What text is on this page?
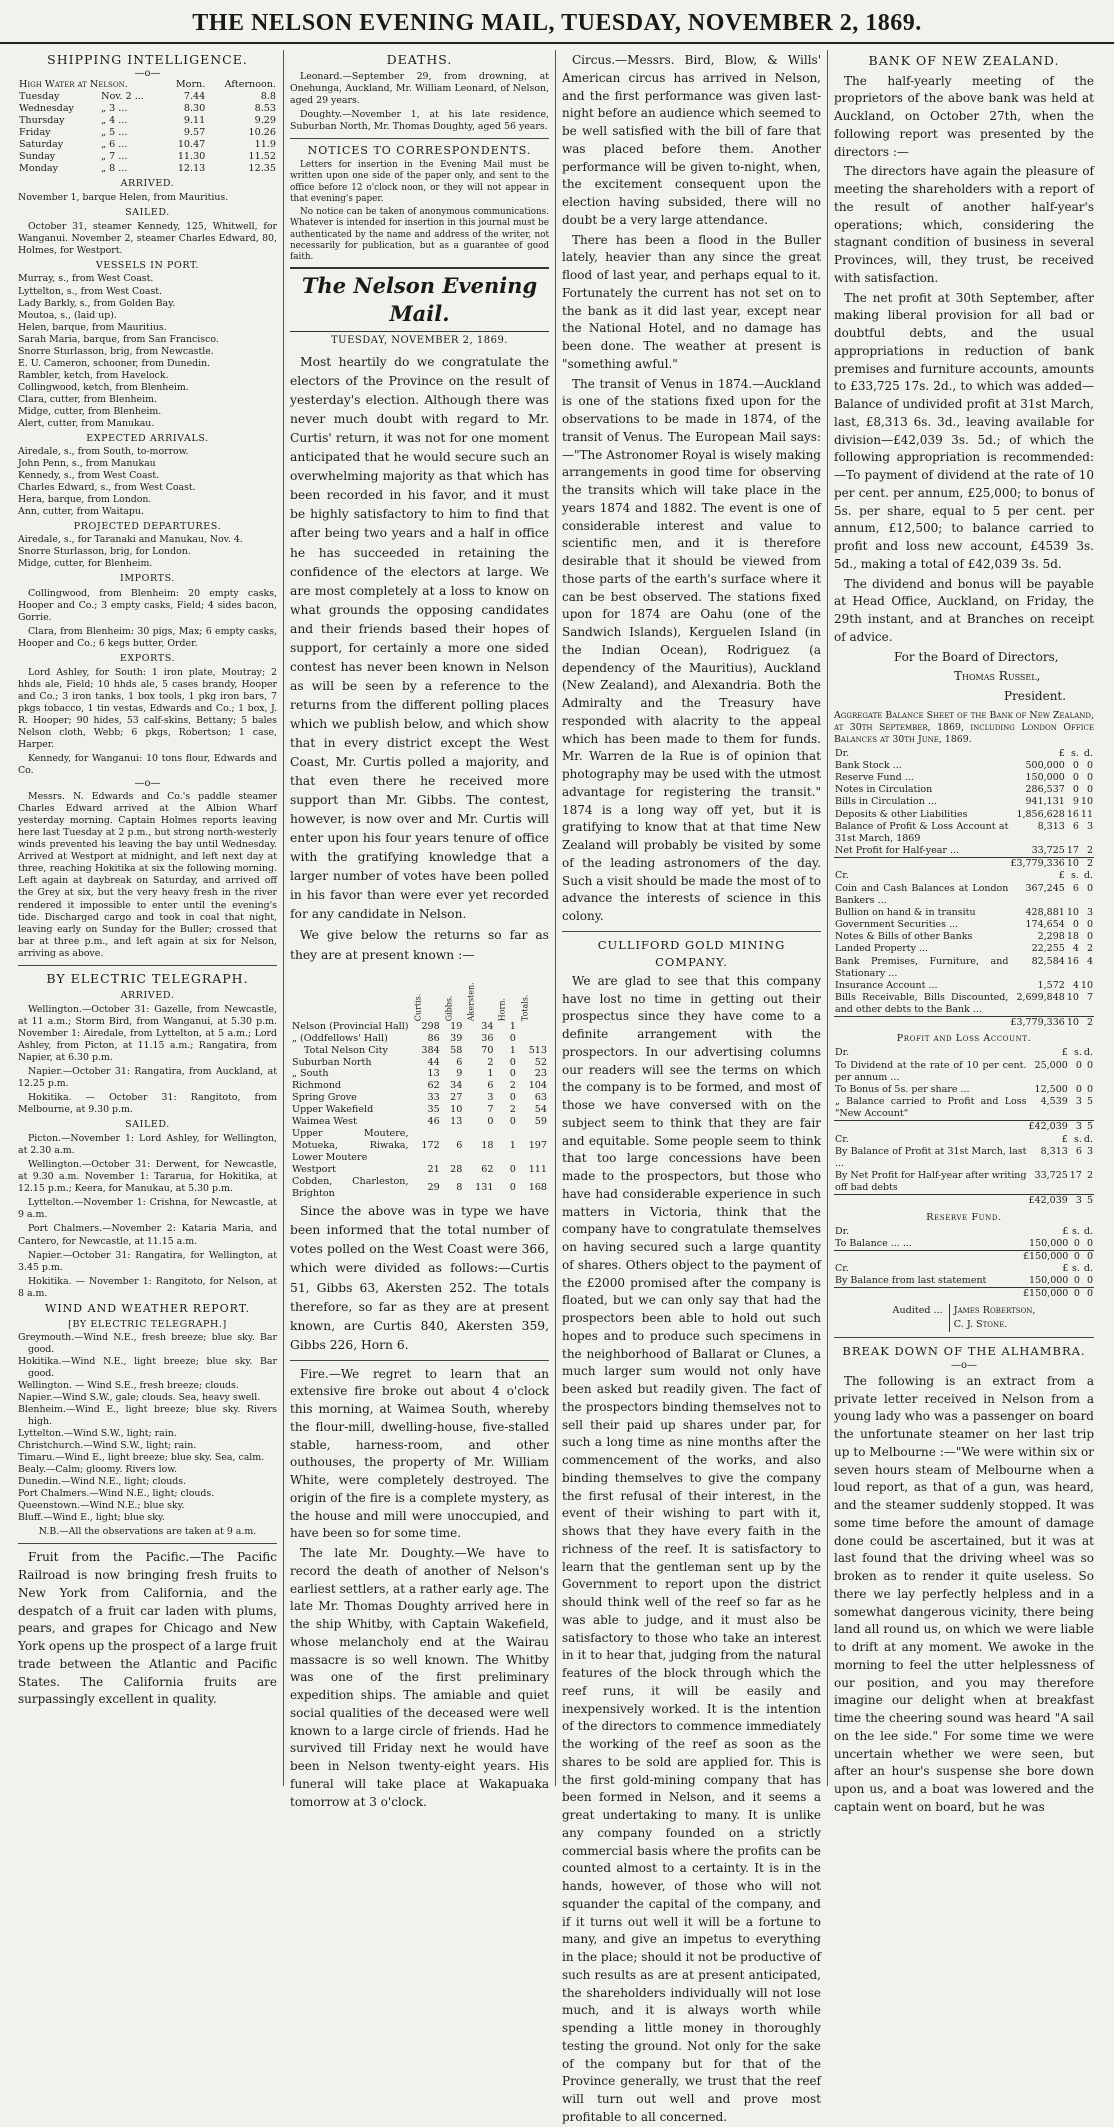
THE NELSON EVENING MAIL, TUESDAY, NOVEMBER 2, 1869.
SHIPPING INTELLIGENCE.
—o—
High Water at Nelson.		Morn.	Afternoon.
Tuesday	Nov. 2 ...	7.44	8.8
Wednesday	„ 3 ...	8.30	8.53
Thursday	„ 4 ...	9.11	9.29
Friday	„ 5 ...	9.57	10.26
Saturday	„ 6 ...	10.47	11.9
Sunday	„ 7 ...	11.30	11.52
Monday	„ 8 ...	12.13	12.35
ARRIVED.

November 1, barque Helen, from Mauritius.

SAILED.

October 31, steamer Kennedy, 125, Whitwell, for Wanganui. November 2, steamer Charles Edward, 80, Holmes, for Westport.

VESSELS IN PORT.

Murray, s., from West Coast.

Lyttelton, s., from West Coast.

Lady Barkly, s., from Golden Bay.

Moutoa, s., (laid up).

Helen, barque, from Mauritius.

Sarah Maria, barque, from San Francisco.

Snorre Sturlasson, brig, from Newcastle.

E. U. Cameron, schooner, from Dunedin.

Rambler, ketch, from Havelock.

Collingwood, ketch, from Blenheim.

Clara, cutter, from Blenheim.

Midge, cutter, from Blenheim.

Alert, cutter, from Manukau.

EXPECTED ARRIVALS.

Airedale, s., from South, to-morrow.

John Penn, s., from Manukau

Kennedy, s., from West Coast.

Charles Edward, s., from West Coast.

Hera, barque, from London.

Ann, cutter, from Waitapu.

PROJECTED DEPARTURES.

Airedale, s., for Taranaki and Manukau, Nov. 4.

Snorre Sturlasson, brig, for London.

Midge, cutter, for Blenheim.

IMPORTS.

Collingwood, from Blenheim: 20 empty casks, Hooper and Co.; 3 empty casks, Field; 4 sides bacon, Gorrie.

Clara, from Blenheim: 30 pigs, Max; 6 empty casks, Hooper and Co.; 6 kegs butter, Order.

EXPORTS.

Lord Ashley, for South: 1 iron plate, Moutray; 2 hhds ale, Field; 10 hhds ale, 5 cases brandy, Hooper and Co.; 3 iron tanks, 1 box tools, 1 pkg iron bars, 7 pkgs tobacco, 1 tin vestas, Edwards and Co.; 1 box, J. R. Hooper; 90 hides, 53 calf-skins, Bettany; 5 bales Nelson cloth, Webb; 6 pkgs, Robertson; 1 case, Harper.

Kennedy, for Wanganui: 10 tons flour, Edwards and Co.

—o—

Messrs. N. Edwards and Co.'s paddle steamer Charles Edward arrived at the Albion Wharf yesterday morning. Captain Holmes reports leaving here last Tuesday at 2 p.m., but strong north-westerly winds prevented his leaving the bay until Wednesday. Arrived at Westport at midnight, and left next day at three, reaching Hokitika at six the following morning. Left again at daybreak on Saturday, and arrived off the Grey at six, but the very heavy fresh in the river rendered it impossible to enter until the evening's tide. Discharged cargo and took in coal that night, leaving early on Sunday for the Buller; crossed that bar at three p.m., and left again at six for Nelson, arriving as above.

BY ELECTRIC TELEGRAPH.
ARRIVED.

Wellington.—October 31: Gazelle, from Newcastle, at 11 a.m.; Storm Bird, from Wanganui, at 5.30 p.m. November 1: Airedale, from Lyttelton, at 5 a.m.; Lord Ashley, from Picton, at 11.15 a.m.; Rangatira, from Napier, at 6.30 p.m.

Napier.—October 31: Rangatira, from Auckland, at 12.25 p.m.

Hokitika. — October 31: Rangitoto, from Melbourne, at 9.30 p.m.

SAILED.

Picton.—November 1: Lord Ashley, for Wellington, at 2.30 a.m.

Wellington.—October 31: Derwent, for Newcastle, at 9.30 a.m. November 1: Tararua, for Hokitika, at 12.15 p.m.; Keera, for Manukau, at 5.30 p.m.

Lyttelton.—November 1: Crishna, for Newcastle, at 9 a.m.

Port Chalmers.—November 2: Kataria Maria, and Cantero, for Newcastle, at 11.15 a.m.

Napier.—October 31: Rangatira, for Wellington, at 3.45 p.m.

Hokitika. — November 1: Rangitoto, for Nelson, at 8 a.m.

WIND AND WEATHER REPORT.
[BY ELECTRIC TELEGRAPH.]

Greymouth.—Wind N.E., fresh breeze; blue sky. Bar good.

Hokitika.—Wind N.E., light breeze; blue sky. Bar good.

Wellington. — Wind S.E., fresh breeze; clouds.

Napier.—Wind S.W., gale; clouds. Sea, heavy swell.

Blenheim.—Wind E., light breeze; blue sky. Rivers high.

Lyttelton.—Wind S.W., light; rain.

Christchurch.—Wind S.W., light; rain.

Timaru.—Wind E., light breeze; blue sky. Sea, calm.

Bealy.—Calm; gloomy. Rivers low.

Dunedin.—Wind N.E., light; clouds.

Port Chalmers.—Wind N.E., light; clouds.

Queenstown.—Wind N.E.; blue sky.

Bluff.—Wind E., light; blue sky.

N.B.—All the observations are taken at 9 a.m.

Fruit from the Pacific.—The Pacific Railroad is now bringing fresh fruits to New York from California, and the despatch of a fruit car laden with plums, pears, and grapes for Chicago and New York opens up the prospect of a large fruit trade between the Atlantic and Pacific States. The California fruits are surpassingly excellent in quality.

DEATHS.

Leonard.—September 29, from drowning, at Onehunga, Auckland, Mr. William Leonard, of Nelson, aged 29 years.

Doughty.—November 1, at his late residence, Suburban North, Mr. Thomas Doughty, aged 56 years.

NOTICES TO CORRESPONDENTS.

Letters for insertion in the Evening Mail must be written upon one side of the paper only, and sent to the office before 12 o'clock noon, or they will not appear in that evening's paper.

No notice can be taken of anonymous communications. Whatever is intended for insertion in this journal must be authenticated by the name and address of the writer, not necessarily for publication, but as a guarantee of good faith.

The Nelson Evening Mail.
TUESDAY, NOVEMBER 2, 1869.

Most heartily do we congratulate the electors of the Province on the result of yesterday's election. Although there was never much doubt with regard to Mr. Curtis' return, it was not for one moment anticipated that he would secure such an overwhelming majority as that which has been recorded in his favor, and it must be highly satisfactory to him to find that after being two years and a half in office he has succeeded in retaining the confidence of the electors at large. We are most completely at a loss to know on what grounds the opposing candidates and their friends based their hopes of support, for certainly a more one sided contest has never been known in Nelson as will be seen by a reference to the returns from the different polling places which we publish below, and which show that in every district except the West Coast, Mr. Curtis polled a majority, and that even there he received more support than Mr. Gibbs. The contest, however, is now over and Mr. Curtis will enter upon his four years tenure of office with the gratifying knowledge that a larger number of votes have been polled in his favor than were ever yet recorded for any candidate in Nelson.

We give below the returns so far as they are at present known :—

	Curtis.	Gibbs.	Akersten.	Horn.	Totals.
Nelson (Provincial Hall)	298	19	34	1	
„ (Oddfellows' Hall)	86	39	36	0	
Total Nelson City	384	58	70	1	513
Suburban North	44	6	2	0	52
„ South	13	9	1	0	23
Richmond	62	34	6	2	104
Spring Grove	33	27	3	0	63
Upper Wakefield	35	10	7	2	54
Waimea West	46	13	0	0	59
Upper Moutere, Motueka, Riwaka, Lower Moutere	172	6	18	1	197
Westport	21	28	62	0	111
Cobden, Charleston, Brighton	29	8	131	0	168

Since the above was in type we have been informed that the total number of votes polled on the West Coast were 366, which were divided as follows:—Curtis 51, Gibbs 63, Akersten 252. The totals therefore, so far as they are at present known, are Curtis 840, Akersten 359, Gibbs 226, Horn 6.

Fire.—We regret to learn that an extensive fire broke out about 4 o'clock this morning, at Waimea South, whereby the flour-mill, dwelling-house, five-stalled stable, harness-room, and other outhouses, the property of Mr. William White, were completely destroyed. The origin of the fire is a complete mystery, as the house and mill were unoccupied, and have been so for some time.

The late Mr. Doughty.—We have to record the death of another of Nelson's earliest settlers, at a rather early age. The late Mr. Thomas Doughty arrived here in the ship Whitby, with Captain Wakefield, whose melancholy end at the Wairau massacre is so well known. The Whitby was one of the first preliminary expedition ships. The amiable and quiet social qualities of the deceased were well known to a large circle of friends. Had he survived till Friday next he would have been in Nelson twenty-eight years. His funeral will take place at Wakapuaka tomorrow at 3 o'clock.

Circus.—Messrs. Bird, Blow, & Wills' American circus has arrived in Nelson, and the first performance was given last-night before an audience which seemed to be well satisfied with the bill of fare that was placed before them. Another performance will be given to-night, when, the excitement consequent upon the election having subsided, there will no doubt be a very large attendance.

There has been a flood in the Buller lately, heavier than any since the great flood of last year, and perhaps equal to it. Fortunately the current has not set on to the bank as it did last year, except near the National Hotel, and no damage has been done. The weather at present is "something awful."

The transit of Venus in 1874.—Auckland is one of the stations fixed upon for the observations to be made in 1874, of the transit of Venus. The European Mail says:—"The Astronomer Royal is wisely making arrangements in good time for observing the transits which will take place in the years 1874 and 1882. The event is one of considerable interest and value to scientific men, and it is therefore desirable that it should be viewed from those parts of the earth's surface where it can be best observed. The stations fixed upon for 1874 are Oahu (one of the Sandwich Islands), Kerguelen Island (in the Indian Ocean), Rodriguez (a dependency of the Mauritius), Auckland (New Zealand), and Alexandria. Both the Admiralty and the Treasury have responded with alacrity to the appeal which has been made to them for funds. Mr. Warren de la Rue is of opinion that photography may be used with the utmost advantage for registering the transit." 1874 is a long way off yet, but it is gratifying to know that at that time New Zealand will probably be visited by some of the leading astronomers of the day. Such a visit should be made the most of to advance the interests of science in this colony.

CULLIFORD GOLD MINING COMPANY.

We are glad to see that this company have lost no time in getting out their prospectus since they have come to a definite arrangement with the prospectors. In our advertising columns our readers will see the terms on which the company is to be formed, and most of those we have conversed with on the subject seem to think that they are fair and equitable. Some people seem to think that too large concessions have been made to the prospectors, but those who have had considerable experience in such matters in Victoria, think that the company have to congratulate themselves on having secured such a large quantity of shares. Others object to the payment of the £2000 promised after the company is floated, but we can only say that had the prospectors been able to hold out such hopes and to produce such specimens in the neighborhood of Ballarat or Clunes, a much larger sum would not only have been asked but readily given. The fact of the prospectors binding themselves not to sell their paid up shares under par, for such a long time as nine months after the commencement of the works, and also binding themselves to give the company the first refusal of their interest, in the event of their wishing to part with it, shows that they have every faith in the richness of the reef. It is satisfactory to learn that the gentleman sent up by the Government to report upon the district should think well of the reef so far as he was able to judge, and it must also be satisfactory to those who take an interest in it to hear that, judging from the natural features of the block through which the reef runs, it will be easily and inexpensively worked. It is the intention of the directors to commence immediately the working of the reef as soon as the shares to be sold are applied for. This is the first gold-mining company that has been formed in Nelson, and it seems a great undertaking to many. It is unlike any company founded on a strictly commercial basis where the profits can be counted almost to a certainty. It is in the hands, however, of those who will not squander the capital of the company, and if it turns out well it will be a fortune to many, and give an impetus to everything in the place; should it not be productive of such results as are at present anticipated, the shareholders individually will not lose much, and it is always worth while spending a little money in thoroughly testing the ground. Not only for the sake of the company but for that of the Province generally, we trust that the reef will turn out well and prove most profitable to all concerned.

BANK OF NEW ZEALAND.

The half-yearly meeting of the proprietors of the above bank was held at Auckland, on October 27th, when the following report was presented by the directors :—

The directors have again the pleasure of meeting the shareholders with a report of the result of another half-year's operations; which, considering the stagnant condition of business in several Provinces, will, they trust, be received with satisfaction.

The net profit at 30th September, after making liberal provision for all bad or doubtful debts, and the usual appropriations in reduction of bank premises and furniture accounts, amounts to £33,725 17s. 2d., to which was added—Balance of undivided profit at 31st March, last, £8,313 6s. 3d., leaving available for division—£42,039 3s. 5d.; of which the following appropriation is recommended:—To payment of dividend at the rate of 10 per cent. per annum, £25,000; to bonus of 5s. per share, equal to 5 per cent. per annum, £12,500; to balance carried to profit and loss new account, £4539 3s. 5d., making a total of £42,039 3s. 5d.

The dividend and bonus will be payable at Head Office, Auckland, on Friday, the 29th instant, and at Branches on receipt of advice.

For the Board of Directors,

Thomas Russel,

President.

Aggregate Balance Sheet of the Bank of New Zealand, at 30th September, 1869, including London Office Balances at 30th June, 1869.

Dr.	£	s.	d.
Bank Stock ...	500,000	0	0
Reserve Fund ...	150,000	0	0
Notes in Circulation	286,537	0	0
Bills in Circulation ...	941,131	9	10
Deposits & other Liabilities	1,856,628	16	11
Balance of Profit & Loss Account at 31st March, 1869	8,313	6	3
Net Profit for Half-year ...	33,725	17	2
	£3,779,336	10	2
Cr.	£	s.	d.
Coin and Cash Balances at London Bankers ...	367,245	6	0
Bullion on hand & in transitu	428,881	10	3
Government Securities ...	174,654	0	0
Notes & Bills of other Banks	2,298	18	0
Landed Property ...	22,255	4	2
Bank Premises, Furniture, and Stationary ...	82,584	16	4
Insurance Account ...	1,572	4	10
Bills Receivable, Bills Discounted, and other debts to the Bank ...	2,699,848	10	7
	£3,779,336	10	2
Profit and Loss Account.
Dr.	£	s.	d.
To Dividend at the rate of 10 per cent. per annum ...	25,000	0	0
To Bonus of 5s. per share ...	12,500	0	0
„ Balance carried to Profit and Loss "New Account"	4,539	3	5
	£42,039	3	5
Cr.	£	s.	d.
By Balance of Profit at 31st March, last ...	8,313	6	3
By Net Profit for Half-year after writing off bad debts	33,725	17	2
	£42,039	3	5
Reserve Fund.
Dr.	£	s.	d.
To Balance ... ...	150,000	0	0
	£150,000	0	0
Cr.	£	s.	d.
By Balance from last statement	150,000	0	0
	£150,000	0	0
Audited ... James Robertson,
C. J. Stone.
BREAK DOWN OF THE ALHAMBRA.
—o—

The following is an extract from a private letter received in Nelson from a young lady who was a passenger on board the unfortunate steamer on her last trip up to Melbourne :—"We were within six or seven hours steam of Melbourne when a loud report, as that of a gun, was heard, and the steamer suddenly stopped. It was some time before the amount of damage done could be ascertained, but it was at last found that the driving wheel was so broken as to render it quite useless. So there we lay perfectly helpless and in a somewhat dangerous vicinity, there being land all round us, on which we were liable to drift at any moment. We awoke in the morning to feel the utter helplessness of our position, and you may therefore imagine our delight when at breakfast time the cheering sound was heard "A sail on the lee side." For some time we were uncertain whether we were seen, but after an hour's suspense she bore down upon us, and a boat was lowered and the captain went on board, but he was
